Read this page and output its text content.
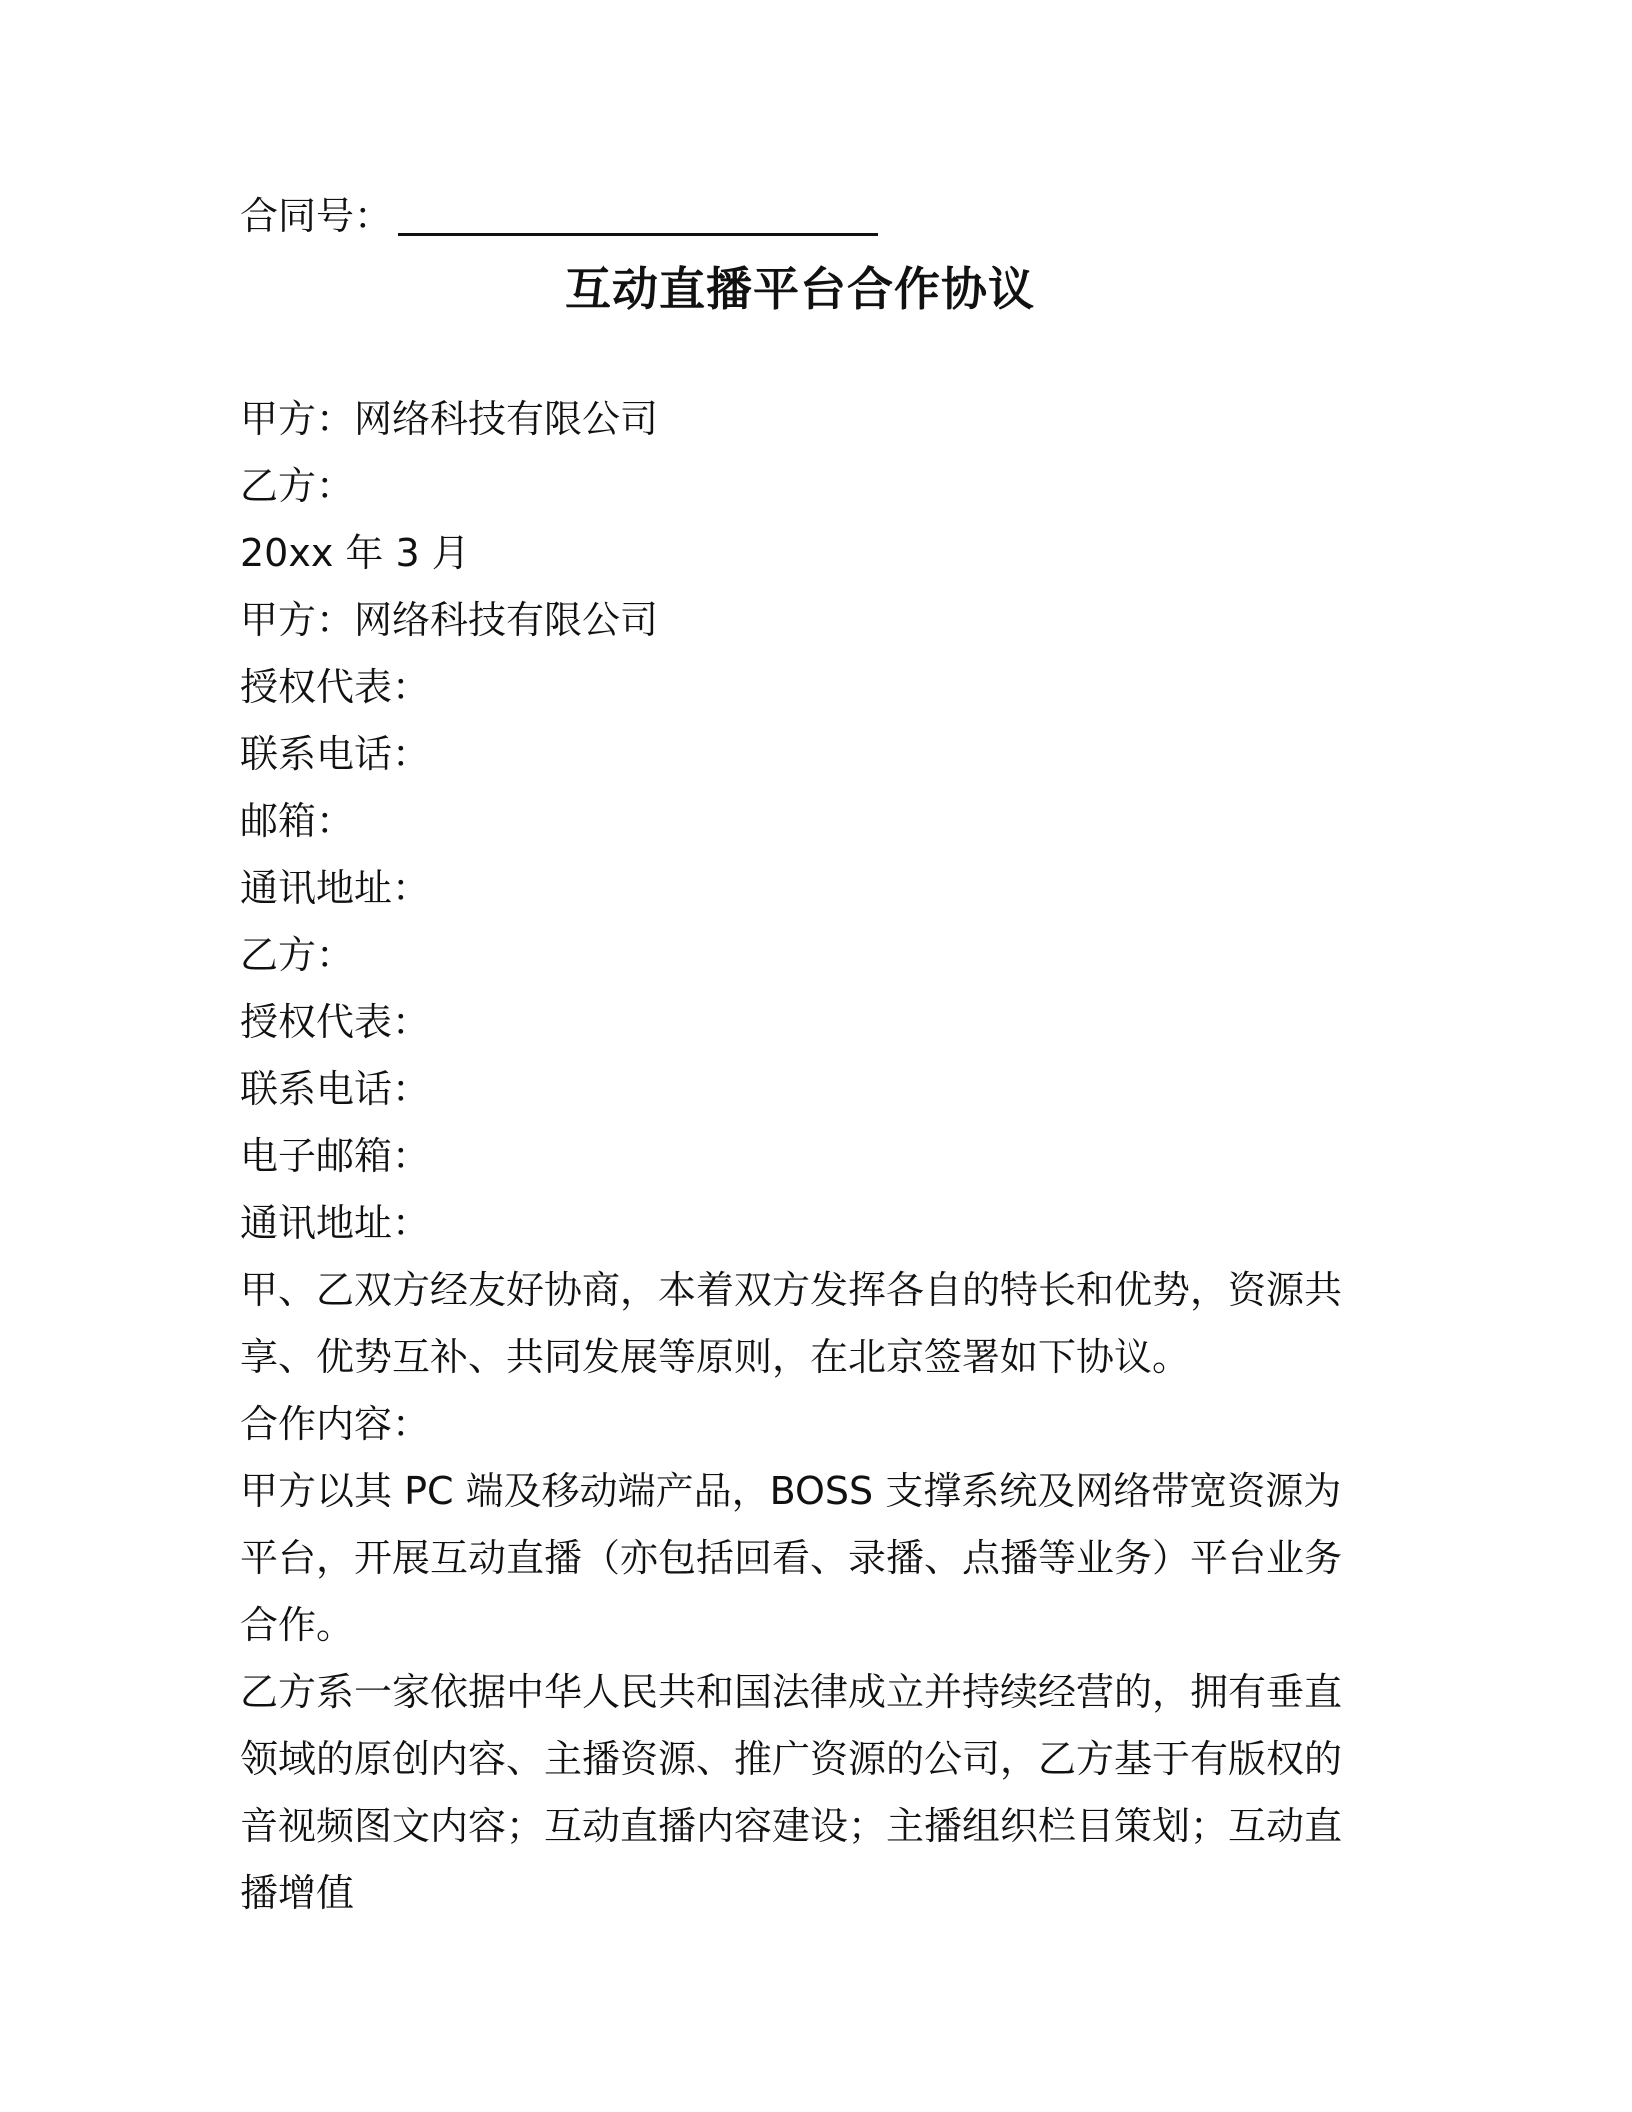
合同号：
互动直播平台合作协议
甲方：网络科技有限公司
乙方：
20xx 年 3 月
甲方：网络科技有限公司
授权代表：
联系电话：
邮箱：
通讯地址：
乙方：
授权代表：
联系电话：
电子邮箱：
通讯地址：
甲、乙双方经友好协商，本着双方发挥各自的特长和优势，资源共享、优势互补、共同发展等原则，在北京签署如下协议。
合作内容：
甲方以其 PC 端及移动端产品，BOSS 支撑系统及网络带宽资源为平台，开展互动直播（亦包括回看、录播、点播等业务）平台业务合作。
乙方系一家依据中华人民共和国法律成立并持续经营的，拥有垂直领域的原创内容、主播资源、推广资源的公司，乙方基于有版权的音视频图文内容；互动直播内容建设；主播组织栏目策划；互动直播增值
